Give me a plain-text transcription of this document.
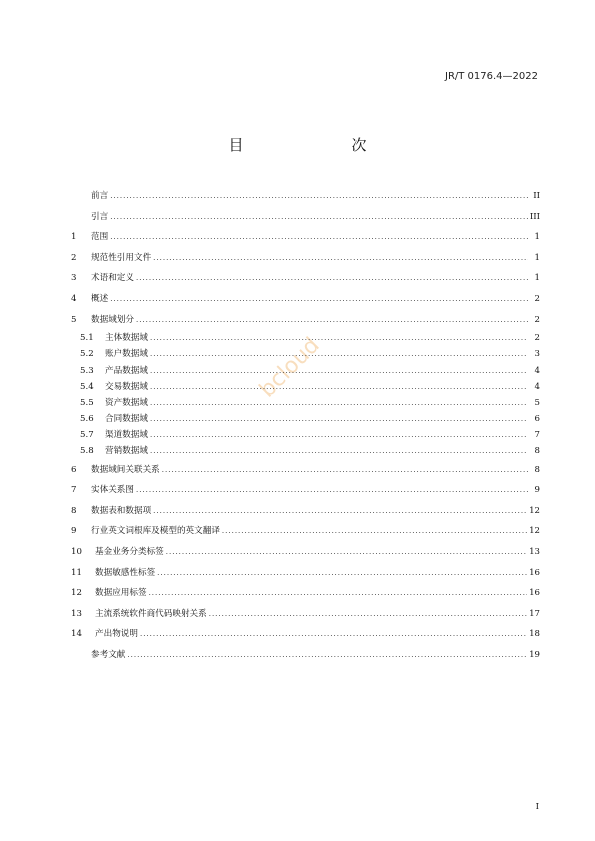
JR/T 0176.4—2022
目　　次
bcloud
前言 .....	II
引言 .....	III
1	范围 .....	1
2	规范性引用文件 .....	1
3	术语和定义 .....	1
4	概述 .....	2
5	数据域划分 .....	2
5.1	主体数据域 .....	2
5.2	账户数据域 .....	3
5.3	产品数据域 .....	4
5.4	交易数据域 .....	4
5.5	资产数据域 .....	5
5.6	合同数据域 .....	6
5.7	渠道数据域 .....	7
5.8	营销数据域 .....	8
6	数据域间关联关系 .....	8
7	实体关系图 .....	9
8	数据表和数据项 .....	12
9	行业英文词根库及模型的英文翻译 .....	12
10	基金业务分类标签 .....	13
11	数据敏感性标签 .....	16
12	数据应用标签 .....	16
13	主流系统软件商代码映射关系 .....	17
14	产出物说明 .....	18
参考文献 .....	19
I
